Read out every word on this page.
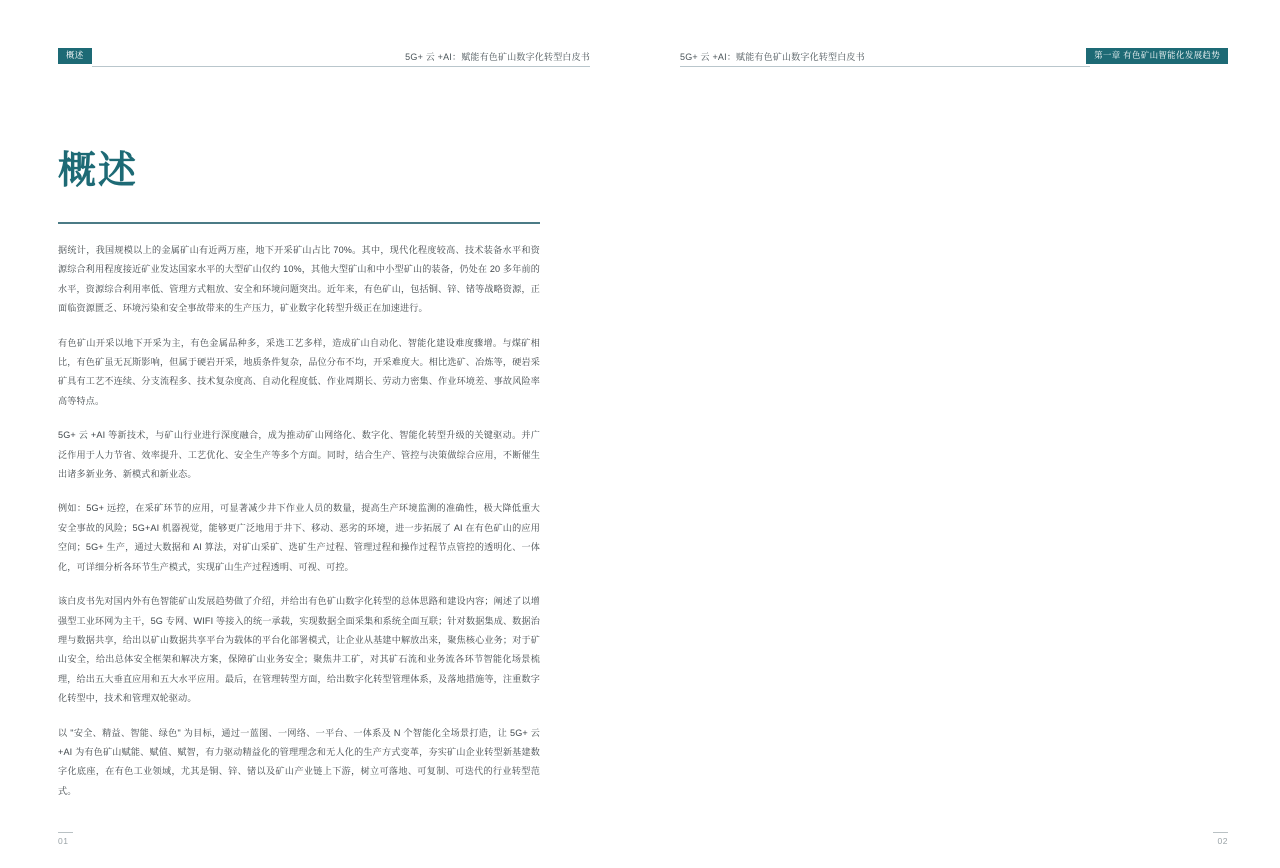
概述	5G+ 云 +AI：赋能有色矿山数字化转型白皮书
概述

据统计，我国规模以上的金属矿山有近两万座，地下开采矿山占比 70%。其中，现代化程度较高、技术装备水平和资源综合利用程度接近矿业发达国家水平的大型矿山仅约 10%，其他大型矿山和中小型矿山的装备，仍处在 20 多年前的水平，资源综合利用率低、管理方式粗放、安全和环境问题突出。近年来，有色矿山，包括铜、锌、锗等战略资源，正面临资源匮乏、环境污染和安全事故带来的生产压力，矿业数字化转型升级正在加速进行。

有色矿山开采以地下开采为主，有色金属品种多，采选工艺多样，造成矿山自动化、智能化建设难度骤增。与煤矿相比，有色矿虽无瓦斯影响，但属于硬岩开采，地质条件复杂，品位分布不均，开采难度大。相比选矿、冶炼等，硬岩采矿具有工艺不连续、分支流程多、技术复杂度高、自动化程度低、作业周期长、劳动力密集、作业环境差、事故风险率高等特点。

5G+ 云 +AI 等新技术，与矿山行业进行深度融合，成为推动矿山网络化、数字化、智能化转型升级的关键驱动。并广泛作用于人力节省、效率提升、工艺优化、安全生产等多个方面。同时，结合生产、管控与决策做综合应用，不断催生出诸多新业务、新模式和新业态。

例如：5G+ 远控，在采矿环节的应用，可显著减少井下作业人员的数量，提高生产环境监测的准确性，极大降低重大安全事故的风险；5G+AI 机器视觉，能够更广泛地用于井下、移动、恶劣的环境，进一步拓展了 AI 在有色矿山的应用空间；5G+ 生产，通过大数据和 AI 算法，对矿山采矿、选矿生产过程、管理过程和操作过程节点管控的透明化、一体化，可详细分析各环节生产模式，实现矿山生产过程透明、可视、可控。

该白皮书先对国内外有色智能矿山发展趋势做了介绍，并给出有色矿山数字化转型的总体思路和建设内容；阐述了以增强型工业环网为主干，5G 专网、WIFI 等接入的统一承载，实现数据全面采集和系统全面互联；针对数据集成、数据治理与数据共享，给出以矿山数据共享平台为载体的平台化部署模式，让企业从基建中解放出来，聚焦核心业务；对于矿山安全，给出总体安全框架和解决方案，保障矿山业务安全；聚焦井工矿，对其矿石流和业务流各环节智能化场景梳理，给出五大垂直应用和五大水平应用。最后，在管理转型方面，给出数字化转型管理体系，及落地措施等，注重数字化转型中，技术和管理双轮驱动。

以 "安全、精益、智能、绿色" 为目标，通过一蓝图、一网络、一平台、一体系及 N 个智能化全场景打造，让 5G+ 云 +AI 为有色矿山赋能、赋值、赋智，有力驱动精益化的管理理念和无人化的生产方式变革，夯实矿山企业转型新基建数字化底座，在有色工业领域，尤其是铜、锌、锗以及矿山产业链上下游，树立可落地、可复制、可迭代的行业转型范式。

01
5G+ 云 +AI：赋能有色矿山数字化转型白皮书	第一章 有色矿山智能化发展趋势

02
